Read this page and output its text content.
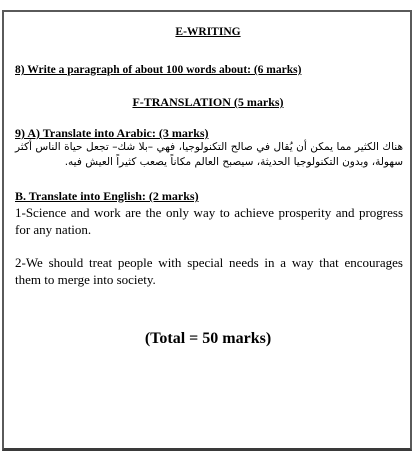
E-WRITING
8) Write a paragraph of about 100 words about: (6 marks)
F-TRANSLATION (5 marks)
9) A) Translate into Arabic: (3 marks)
هناك الكثير مما يمكن أن يُقال في صالح التكنولوجيا، فهي –بلا شك– تجعل حياة الناس أكثر سهولة، وبدون التكنولوجيا الحديثة، سيصبح العالم مكاناً يصعب كثيراً العيش فيه.
B. Translate into English: (2 marks)
1-Science and work are the only way to achieve prosperity and progress for any nation.
2-We should treat people with special needs in a way that encourages them to merge into society.
(Total = 50 marks)
